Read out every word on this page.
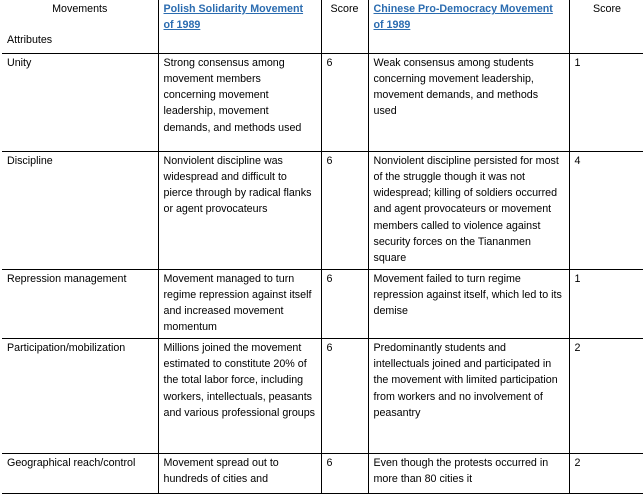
Movements
Attributes	Polish Solidarity Movement of 1989	Score	Chinese Pro-Democracy Movement of 1989	Score
Unity	Strong consensus among movement members concerning movement leadership, movement demands, and methods used	6	Weak consensus among students concerning movement leadership, movement demands, and methods used	1
Discipline	Nonviolent discipline was widespread and difficult to pierce through by radical flanks or agent provocateurs	6	Nonviolent discipline persisted for most of the struggle though it was not widespread; killing of soldiers occurred and agent provocateurs or movement members called to violence against security forces on the Tiananmen square	4
Repression management	Movement managed to turn regime repression against itself and increased movement momentum	6	Movement failed to turn regime repression against itself, which led to its demise	1
Participation/mobilization	Millions joined the movement estimated to constitute 20% of the total labor force, including workers, intellectuals, peasants and various professional groups	6	Predominantly students and intellectuals joined and participated in the movement with limited participation from workers and no involvement of peasantry	2
Geographical reach/control	Movement spread out to hundreds of cities and	6	Even though the protests occurred in more than 80 cities it	2
